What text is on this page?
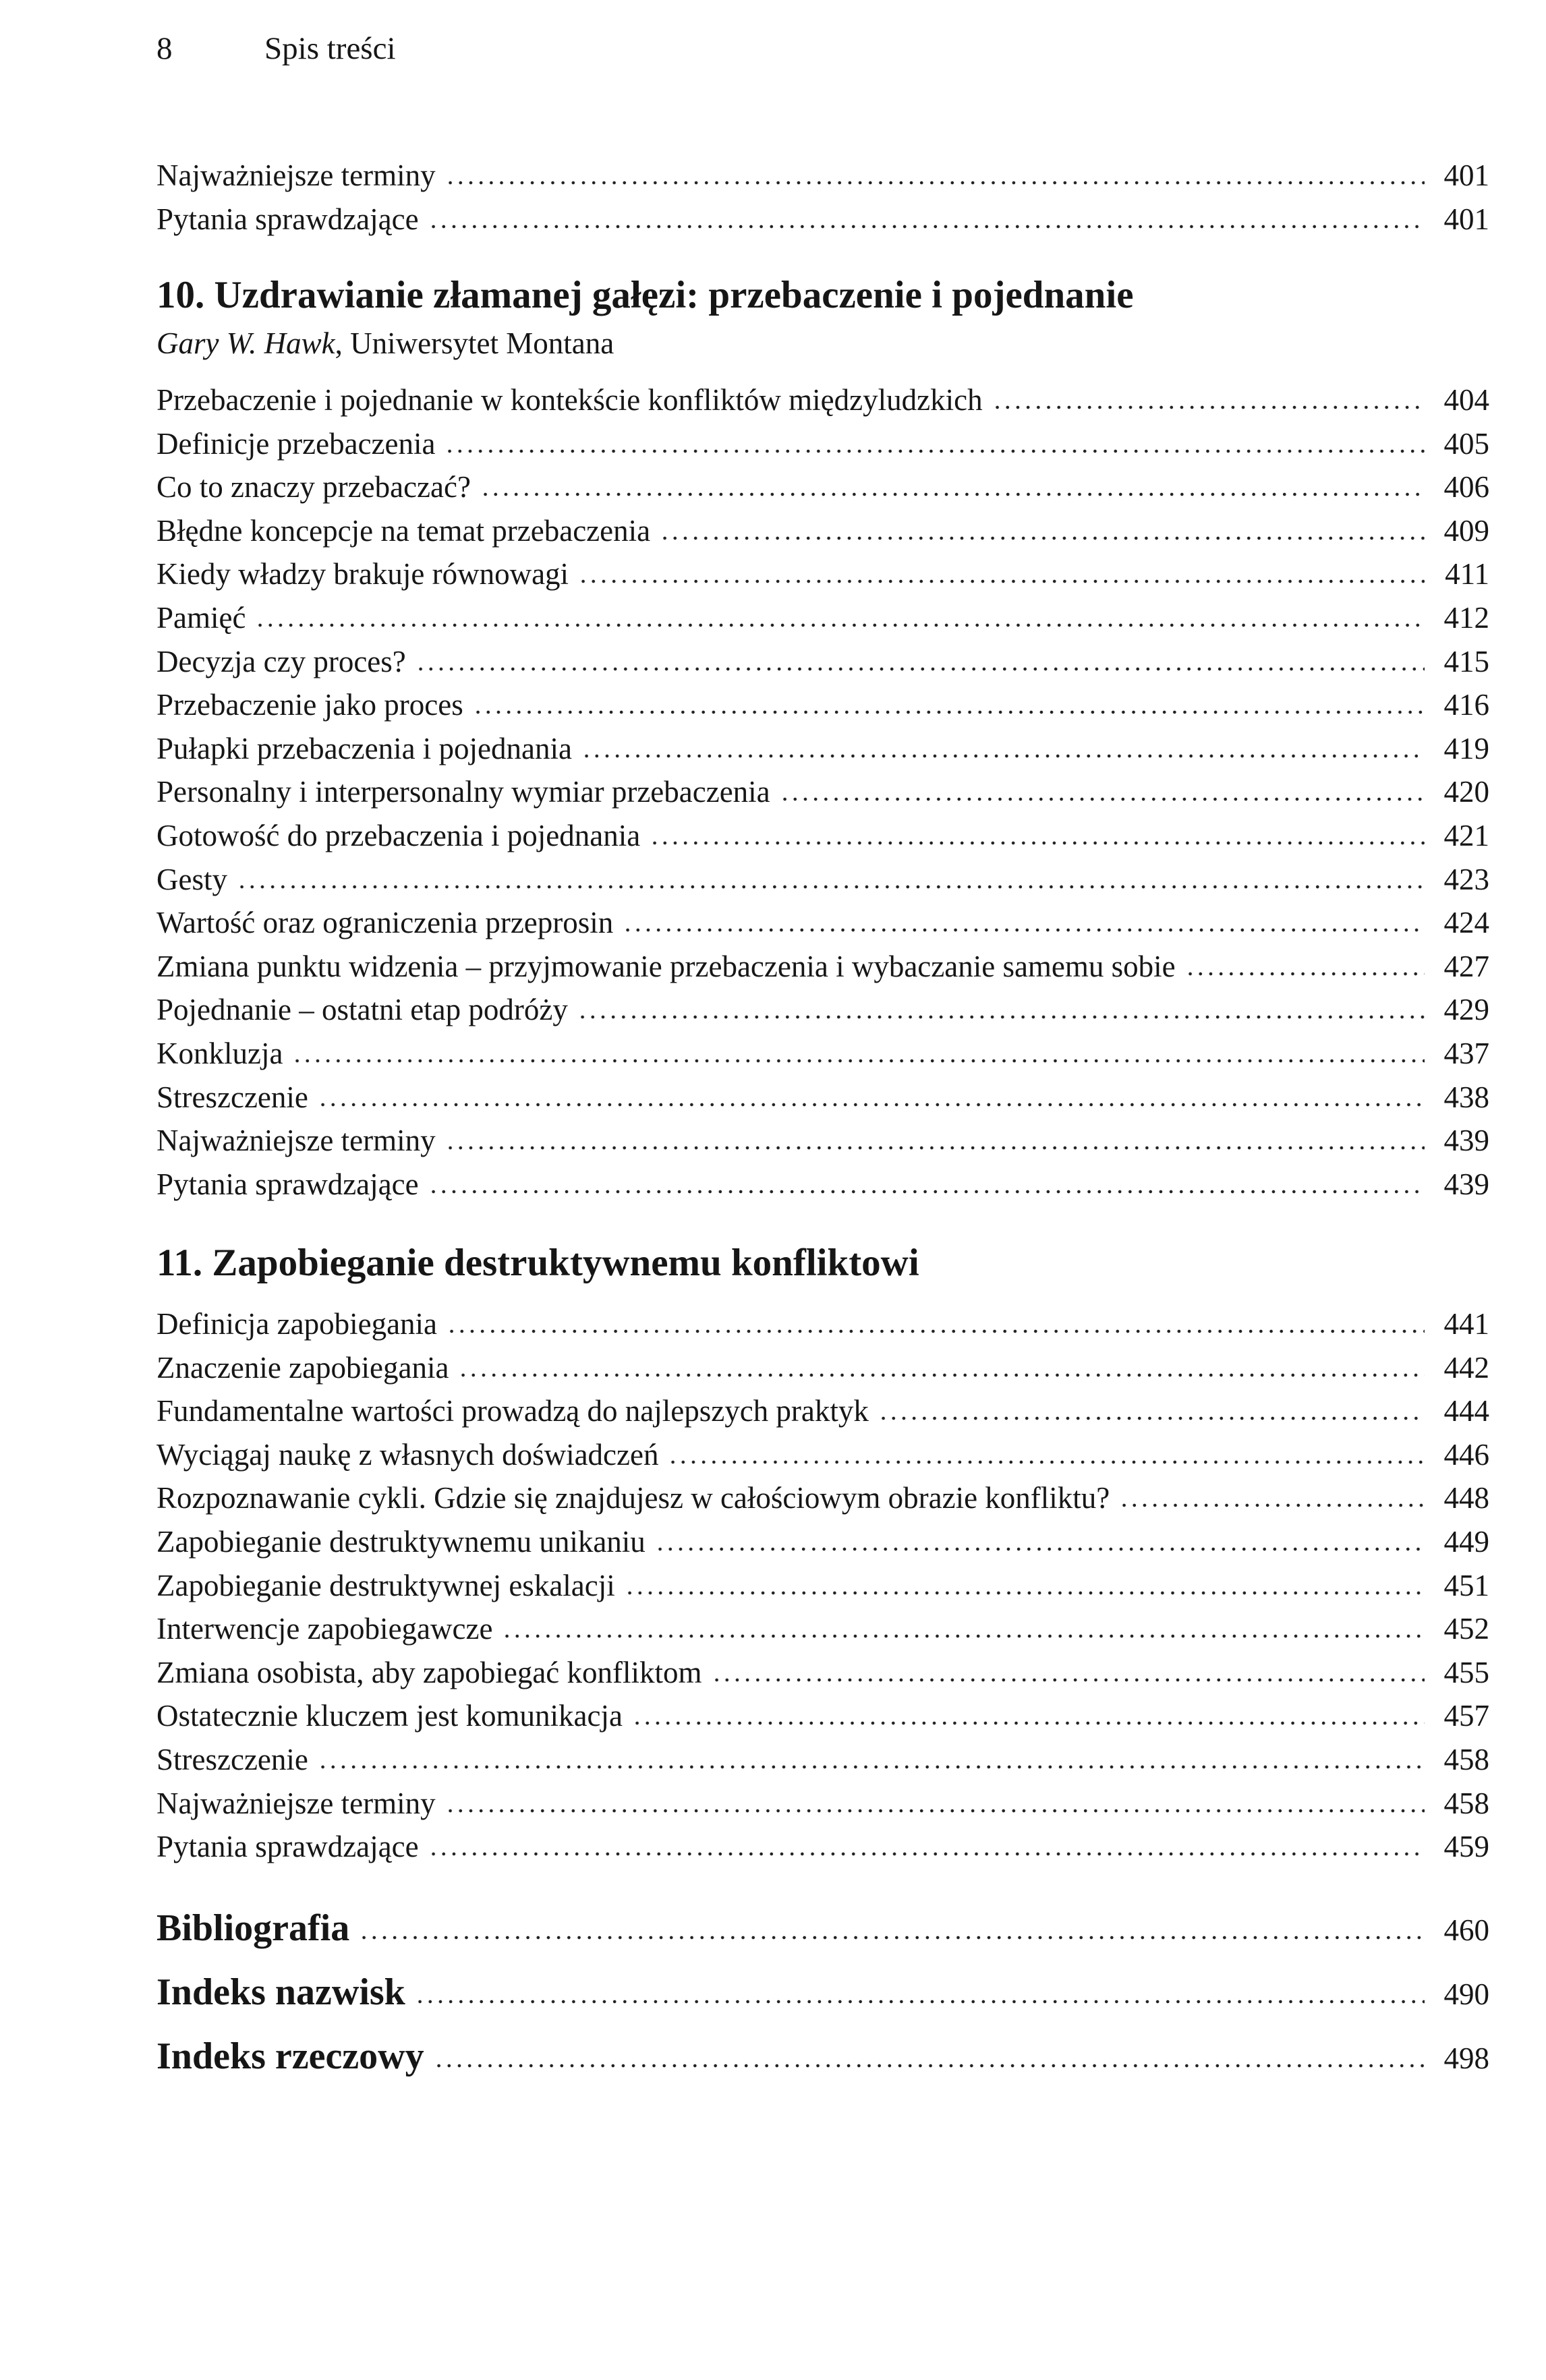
8	Spis treści
Najważniejsze terminy	401
Pytania sprawdzające	401
10. Uzdrawianie złamanej gałęzi: przebaczenie i pojednanie
Gary W. Hawk, Uniwersytet Montana
Przebaczenie i pojednanie w kontekście konfliktów międzyludzkich	404
Definicje przebaczenia	405
Co to znaczy przebaczać?	406
Błędne koncepcje na temat przebaczenia	409
Kiedy władzy brakuje równowagi	411
Pamięć	412
Decyzja czy proces?	415
Przebaczenie jako proces	416
Pułapki przebaczenia i pojednania	419
Personalny i interpersonalny wymiar przebaczenia	420
Gotowość do przebaczenia i pojednania	421
Gesty	423
Wartość oraz ograniczenia przeprosin	424
Zmiana punktu widzenia – przyjmowanie przebaczenia i wybaczanie samemu sobie	427
Pojednanie – ostatni etap podróży	429
Konkluzja	437
Streszczenie	438
Najważniejsze terminy	439
Pytania sprawdzające	439
11. Zapobieganie destruktywnemu konfliktowi
Definicja zapobiegania	441
Znaczenie zapobiegania	442
Fundamentalne wartości prowadzą do najlepszych praktyk	444
Wyciągaj naukę z własnych doświadczeń	446
Rozpoznawanie cykli. Gdzie się znajdujesz w całościowym obrazie konfliktu?	448
Zapobieganie destruktywnemu unikaniu	449
Zapobieganie destruktywnej eskalacji	451
Interwencje zapobiegawcze	452
Zmiana osobista, aby zapobiegać konfliktom	455
Ostatecznie kluczem jest komunikacja	457
Streszczenie	458
Najważniejsze terminy	458
Pytania sprawdzające	459
Bibliografia	460
Indeks nazwisk	490
Indeks rzeczowy	498
